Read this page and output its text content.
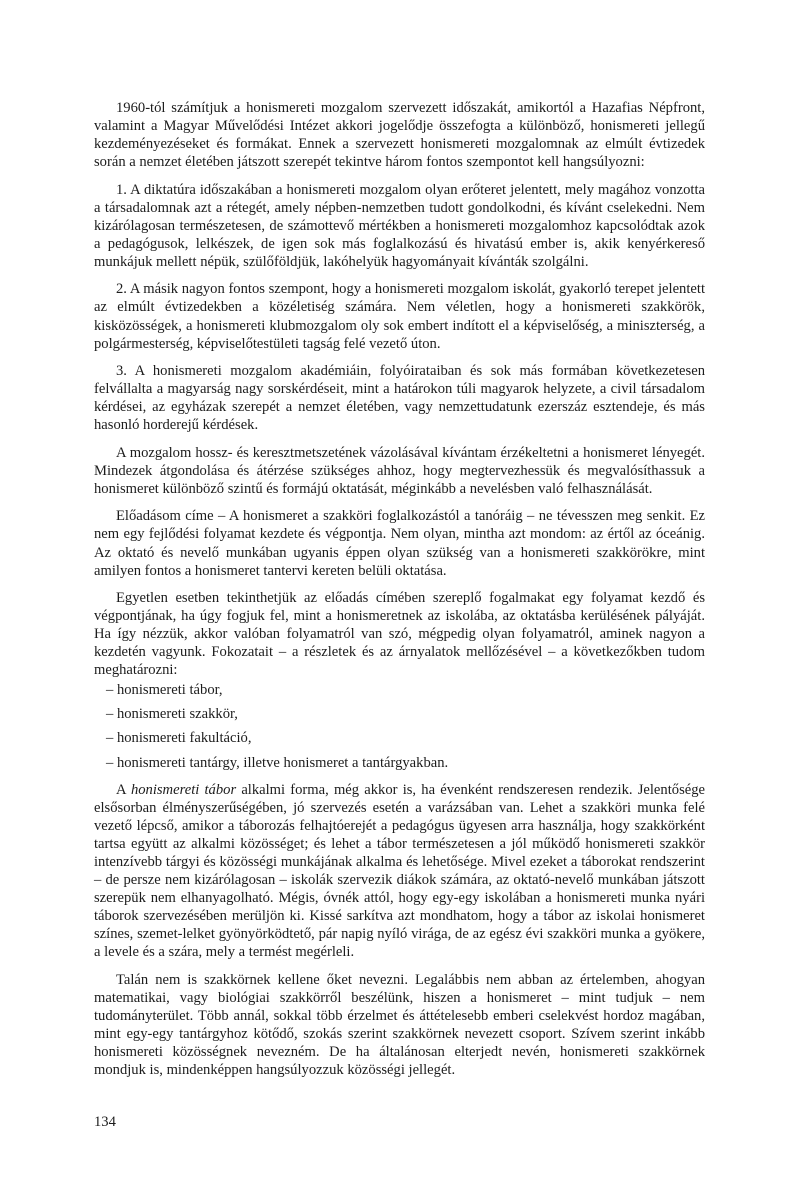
1960-tól számítjuk a honismereti mozgalom szervezett időszakát, amikortól a Hazafias Népfront, valamint a Magyar Művelődési Intézet akkori jogelődje összefogta a különböző, honismereti jellegű kezdeményezéseket és formákat. Ennek a szervezett honismereti mozgalomnak az elmúlt évtizedek során a nemzet életében játszott szerepét tekintve három fontos szempontot kell hangsúlyozni:

1. A diktatúra időszakában a honismereti mozgalom olyan erőteret jelentett, mely magához vonzotta a társadalomnak azt a rétegét, amely népben-nemzetben tudott gondolkodni, és kívánt cselekedni. Nem kizárólagosan természetesen, de számottevő mértékben a honismereti mozgalomhoz kapcsolódtak azok a pedagógusok, lelkészek, de igen sok más foglalkozású és hivatású ember is, akik kenyérkereső munkájuk mellett népük, szülőföldjük, lakóhelyük hagyományait kívánták szolgálni.

2. A másik nagyon fontos szempont, hogy a honismereti mozgalom iskolát, gyakorló terepet jelentett az elmúlt évtizedekben a közéletiség számára. Nem véletlen, hogy a honismereti szakkörök, kisközösségek, a honismereti klubmozgalom oly sok embert indított el a képviselőség, a miniszterség, a polgármesterség, képviselőtestületi tagság felé vezető úton.

3. A honismereti mozgalom akadémiáin, folyóirataiban és sok más formában következetesen felvállalta a magyarság nagy sorskérdéseit, mint a határokon túli magyarok helyzete, a civil társadalom kérdései, az egyházak szerepét a nemzet életében, vagy nemzettudatunk ezerszáz esztendeje, és más hasonló horderejű kérdések.

A mozgalom hossz- és keresztmetszetének vázolásával kívántam érzékeltetni a honismeret lényegét. Mindezek átgondolása és átérzése szükséges ahhoz, hogy megtervezhessük és megvalósíthassuk a honismeret különböző szintű és formájú oktatását, méginkább a nevelésben való felhasználását.

Előadásom címe – A honismeret a szakköri foglalkozástól a tanóráig – ne tévesszen meg senkit. Ez nem egy fejlődési folyamat kezdete és végpontja. Nem olyan, mintha azt mondom: az értől az óceánig. Az oktató és nevelő munkában ugyanis éppen olyan szükség van a honismereti szakkörökre, mint amilyen fontos a honismeret tantervi kereten belüli oktatása.

Egyetlen esetben tekinthetjük az előadás címében szereplő fogalmakat egy folyamat kezdő és végpontjának, ha úgy fogjuk fel, mint a honismeretnek az iskolába, az oktatásba kerülésének pályáját. Ha így nézzük, akkor valóban folyamatról van szó, mégpedig olyan folyamatról, aminek nagyon a kezdetén vagyunk. Fokozatait – a részletek és az árnyalatok mellőzésével – a következőkben tudom meghatározni:

– honismereti tábor,

– honismereti szakkör,

– honismereti fakultáció,

– honismereti tantárgy, illetve honismeret a tantárgyakban.

A honismereti tábor alkalmi forma, még akkor is, ha évenként rendszeresen rendezik. Jelentősége elsősorban élményszerűségében, jó szervezés esetén a varázsában van. Lehet a szakköri munka felé vezető lépcső, amikor a táborozás felhajtóerejét a pedagógus ügyesen arra használja, hogy szakkörként tartsa együtt az alkalmi közösséget; és lehet a tábor természetesen a jól működő honismereti szakkör intenzívebb tárgyi és közösségi munkájának alkalma és lehetősége. Mivel ezeket a táborokat rendszerint – de persze nem kizárólagosan – iskolák szervezik diákok számára, az oktató-nevelő munkában játszott szerepük nem elhanyagolható. Mégis, óvnék attól, hogy egy-egy iskolában a honismereti munka nyári táborok szervezésében merüljön ki. Kissé sarkítva azt mondhatom, hogy a tábor az iskolai honismeret színes, szemet-lelket gyönyörködtető, pár napig nyíló virága, de az egész évi szakköri munka a gyökere, a levele és a szára, mely a termést megérleli.

Talán nem is szakkörnek kellene őket nevezni. Legalábbis nem abban az értelemben, ahogyan matematikai, vagy biológiai szakkörről beszélünk, hiszen a honismeret – mint tudjuk – nem tudományterület. Több annál, sokkal több érzelmet és áttételesebb emberi cselekvést hordoz magában, mint egy-egy tantárgyhoz kötődő, szokás szerint szakkörnek nevezett csoport. Szívem szerint inkább honismereti közösségnek nevezném. De ha általánosan elterjedt nevén, honismereti szakkörnek mondjuk is, mindenképpen hangsúlyozzuk közösségi jellegét.

134
